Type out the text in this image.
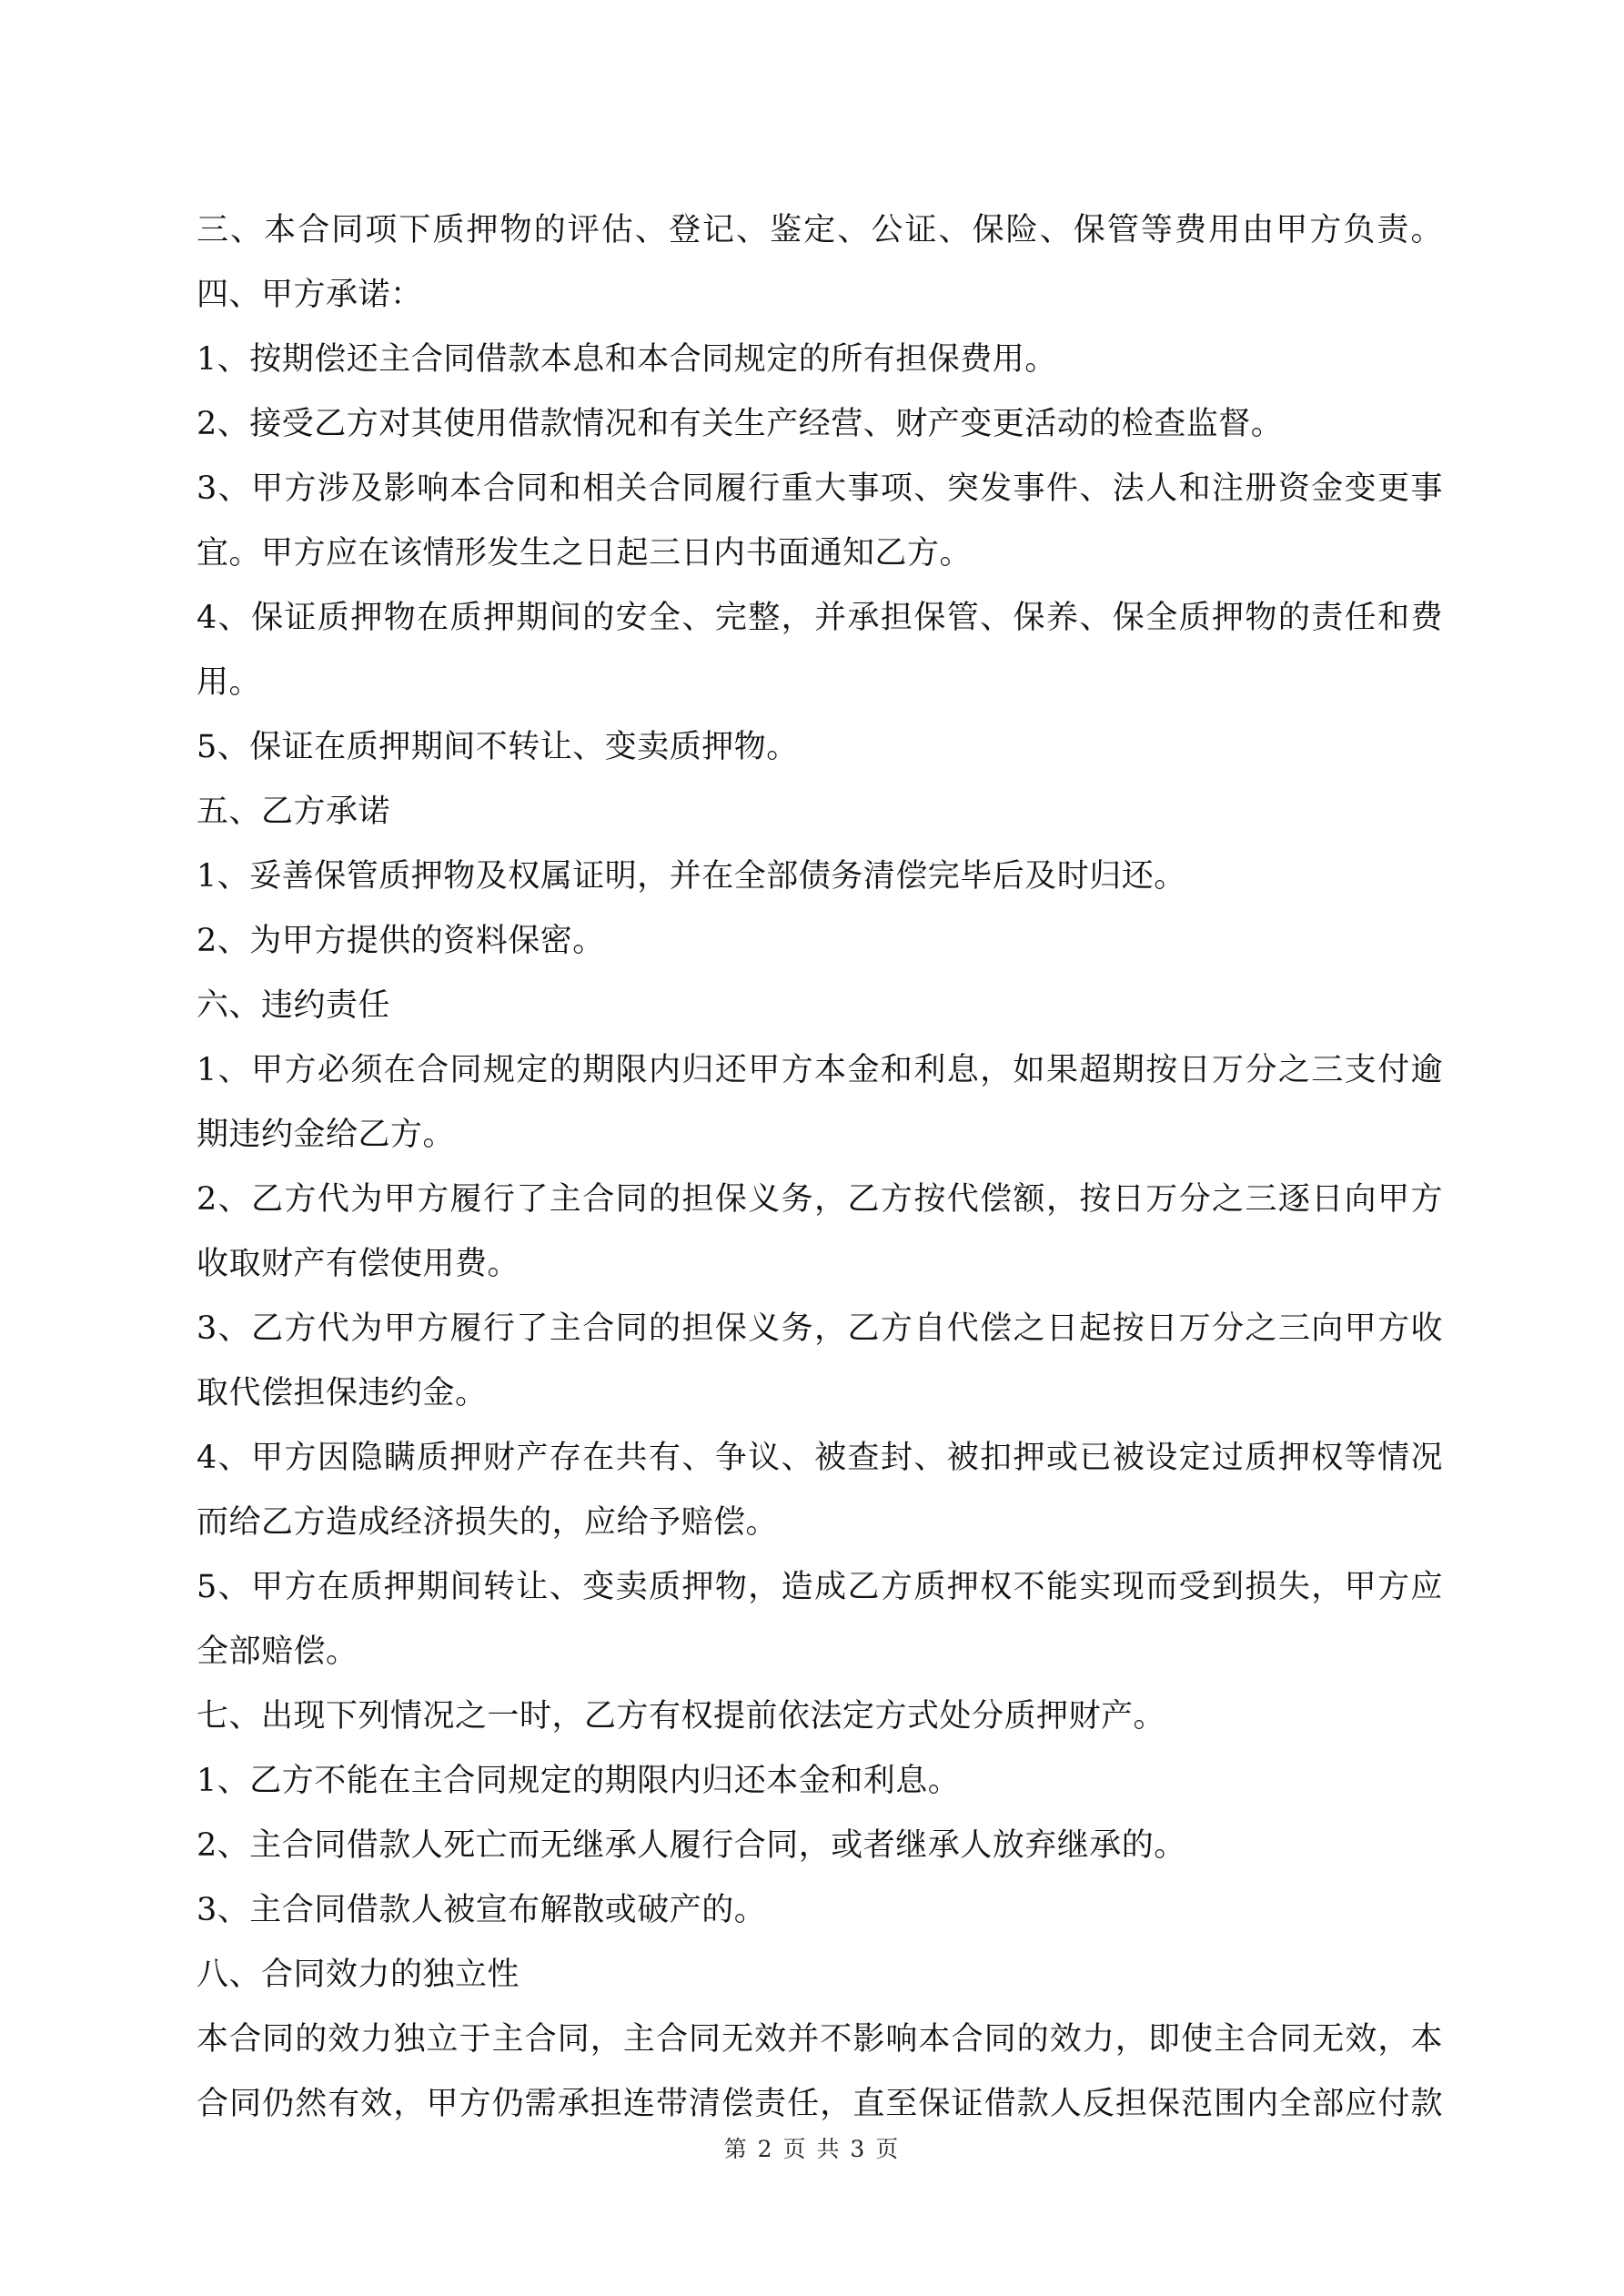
三、本合同项下质押物的评估、登记、鉴定、公证、保险、保管等费用由甲方负责。
四、甲方承诺：
1、按期偿还主合同借款本息和本合同规定的所有担保费用。
2、接受乙方对其使用借款情况和有关生产经营、财产变更活动的检查监督。
3、甲方涉及影响本合同和相关合同履行重大事项、突发事件、法人和注册资金变更事
宜。甲方应在该情形发生之日起三日内书面通知乙方。
4、保证质押物在质押期间的安全、完整，并承担保管、保养、保全质押物的责任和费
用。
5、保证在质押期间不转让、变卖质押物。
五、乙方承诺
1、妥善保管质押物及权属证明，并在全部债务清偿完毕后及时归还。
2、为甲方提供的资料保密。
六、违约责任
1、甲方必须在合同规定的期限内归还甲方本金和利息，如果超期按日万分之三支付逾
期违约金给乙方。
2、乙方代为甲方履行了主合同的担保义务，乙方按代偿额，按日万分之三逐日向甲方
收取财产有偿使用费。
3、乙方代为甲方履行了主合同的担保义务，乙方自代偿之日起按日万分之三向甲方收
取代偿担保违约金。
4、甲方因隐瞒质押财产存在共有、争议、被查封、被扣押或已被设定过质押权等情况
而给乙方造成经济损失的，应给予赔偿。
5、甲方在质押期间转让、变卖质押物，造成乙方质押权不能实现而受到损失，甲方应
全部赔偿。
七、出现下列情况之一时，乙方有权提前依法定方式处分质押财产。
1、乙方不能在主合同规定的期限内归还本金和利息。
2、主合同借款人死亡而无继承人履行合同，或者继承人放弃继承的。
3、主合同借款人被宣布解散或破产的。
八、合同效力的独立性
本合同的效力独立于主合同，主合同无效并不影响本合同的效力，即使主合同无效，本
合同仍然有效，甲方仍需承担连带清偿责任，直至保证借款人反担保范围内全部应付款
第 2 页 共 3 页
